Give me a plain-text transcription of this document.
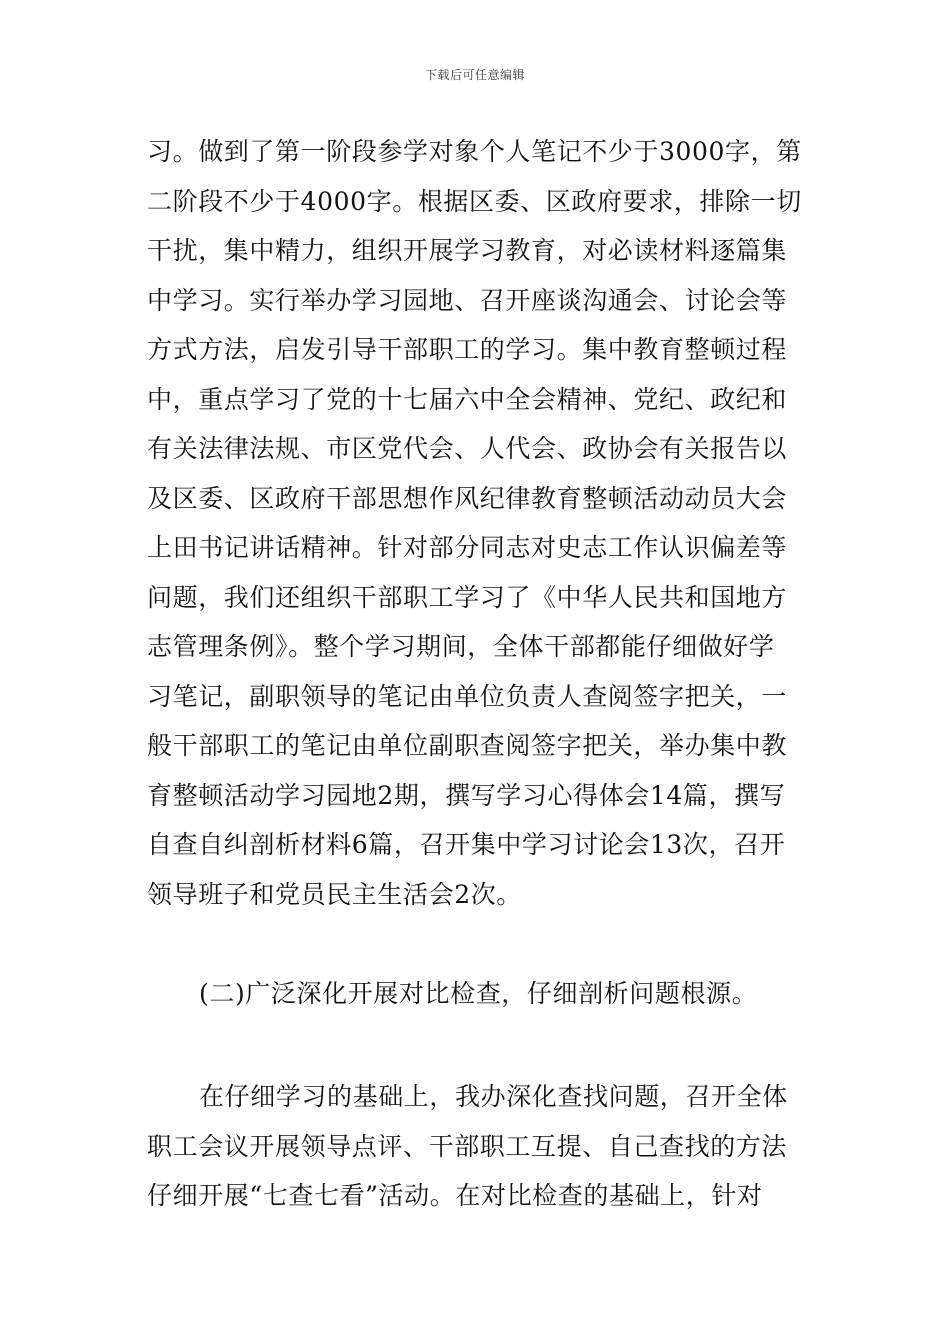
下载后可任意编辑
习。做到了第一阶段参学对象个人笔记不少于3000字，第
二阶段不少于4000字。根据区委、区政府要求，排除一切
干扰，集中精力，组织开展学习教育，对必读材料逐篇集
中学习。实行举办学习园地、召开座谈沟通会、讨论会等
方式方法，启发引导干部职工的学习。集中教育整顿过程
中，重点学习了党的十七届六中全会精神、党纪、政纪和
有关法律法规、市区党代会、人代会、政协会有关报告以
及区委、区政府干部思想作风纪律教育整顿活动动员大会
上田书记讲话精神。针对部分同志对史志工作认识偏差等
问题，我们还组织干部职工学习了《中华人民共和国地方
志管理条例》。整个学习期间，全体干部都能仔细做好学
习笔记，副职领导的笔记由单位负责人查阅签字把关，一
般干部职工的笔记由单位副职查阅签字把关，举办集中教
育整顿活动学习园地2期，撰写学习心得体会14篇，撰写
自查自纠剖析材料6篇，召开集中学习讨论会13次，召开
领导班子和党员民主生活会2次。
(二)广泛深化开展对比检查，仔细剖析问题根源。
在仔细学习的基础上，我办深化查找问题，召开全体
职工会议开展领导点评、干部职工互提、自己查找的方法
仔细开展“七查七看”活动。在对比检查的基础上，针对
